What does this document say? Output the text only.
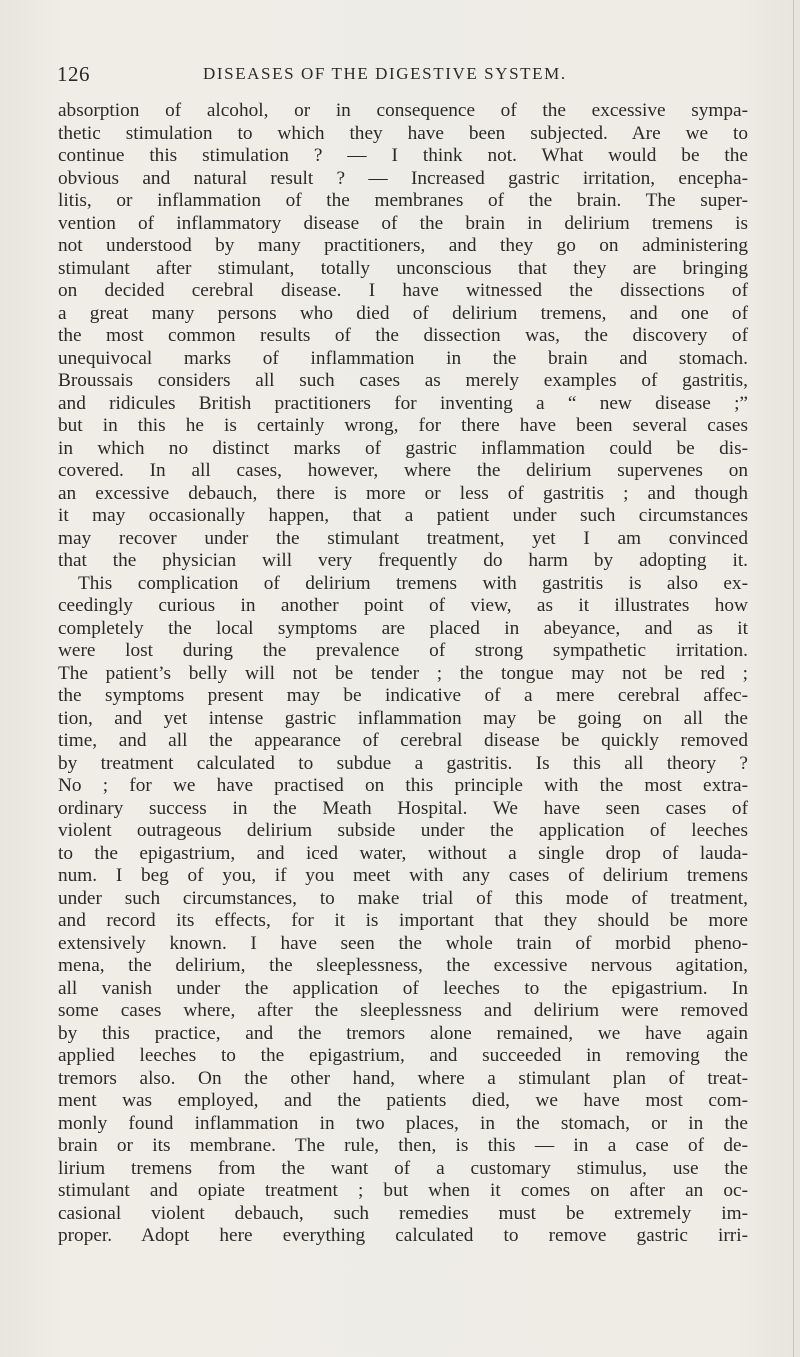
126	DISEASES OF THE DIGESTIVE SYSTEM.
absorption of alcohol, or in consequence of the excessive sympa-
thetic stimulation to which they have been subjected. Are we to
continue this stimulation ? — I think not. What would be the
obvious and natural result ? — Increased gastric irritation, encepha-
litis, or inflammation of the membranes of the brain. The super-
vention of inflammatory disease of the brain in delirium tremens is
not understood by many practitioners, and they go on administering
stimulant after stimulant, totally unconscious that they are bringing
on decided cerebral disease. I have witnessed the dissections of
a great many persons who died of delirium tremens, and one of
the most common results of the dissection was, the discovery of
unequivocal marks of inflammation in the brain and stomach.
Broussais considers all such cases as merely examples of gastritis,
and ridicules British practitioners for inventing a “ new disease ;”
but in this he is certainly wrong, for there have been several cases
in which no distinct marks of gastric inflammation could be dis-
covered. In all cases, however, where the delirium supervenes on
an excessive debauch, there is more or less of gastritis ; and though
it may occasionally happen, that a patient under such circumstances
may recover under the stimulant treatment, yet I am convinced
that the physician will very frequently do harm by adopting it.
This complication of delirium tremens with gastritis is also ex-
ceedingly curious in another point of view, as it illustrates how
completely the local symptoms are placed in abeyance, and as it
were lost during the prevalence of strong sympathetic irritation.
The patient’s belly will not be tender ; the tongue may not be red ;
the symptoms present may be indicative of a mere cerebral affec-
tion, and yet intense gastric inflammation may be going on all the
time, and all the appearance of cerebral disease be quickly removed
by treatment calculated to subdue a gastritis. Is this all theory ?
No ; for we have practised on this principle with the most extra-
ordinary success in the Meath Hospital. We have seen cases of
violent outrageous delirium subside under the application of leeches
to the epigastrium, and iced water, without a single drop of lauda-
num. I beg of you, if you meet with any cases of delirium tremens
under such circumstances, to make trial of this mode of treatment,
and record its effects, for it is important that they should be more
extensively known. I have seen the whole train of morbid pheno-
mena, the delirium, the sleeplessness, the excessive nervous agitation,
all vanish under the application of leeches to the epigastrium. In
some cases where, after the sleeplessness and delirium were removed
by this practice, and the tremors alone remained, we have again
applied leeches to the epigastrium, and succeeded in removing the
tremors also. On the other hand, where a stimulant plan of treat-
ment was employed, and the patients died, we have most com-
monly found inflammation in two places, in the stomach, or in the
brain or its membrane. The rule, then, is this — in a case of de-
lirium tremens from the want of a customary stimulus, use the
stimulant and opiate treatment ; but when it comes on after an oc-
casional violent debauch, such remedies must be extremely im-
proper. Adopt here everything calculated to remove gastric irri-
